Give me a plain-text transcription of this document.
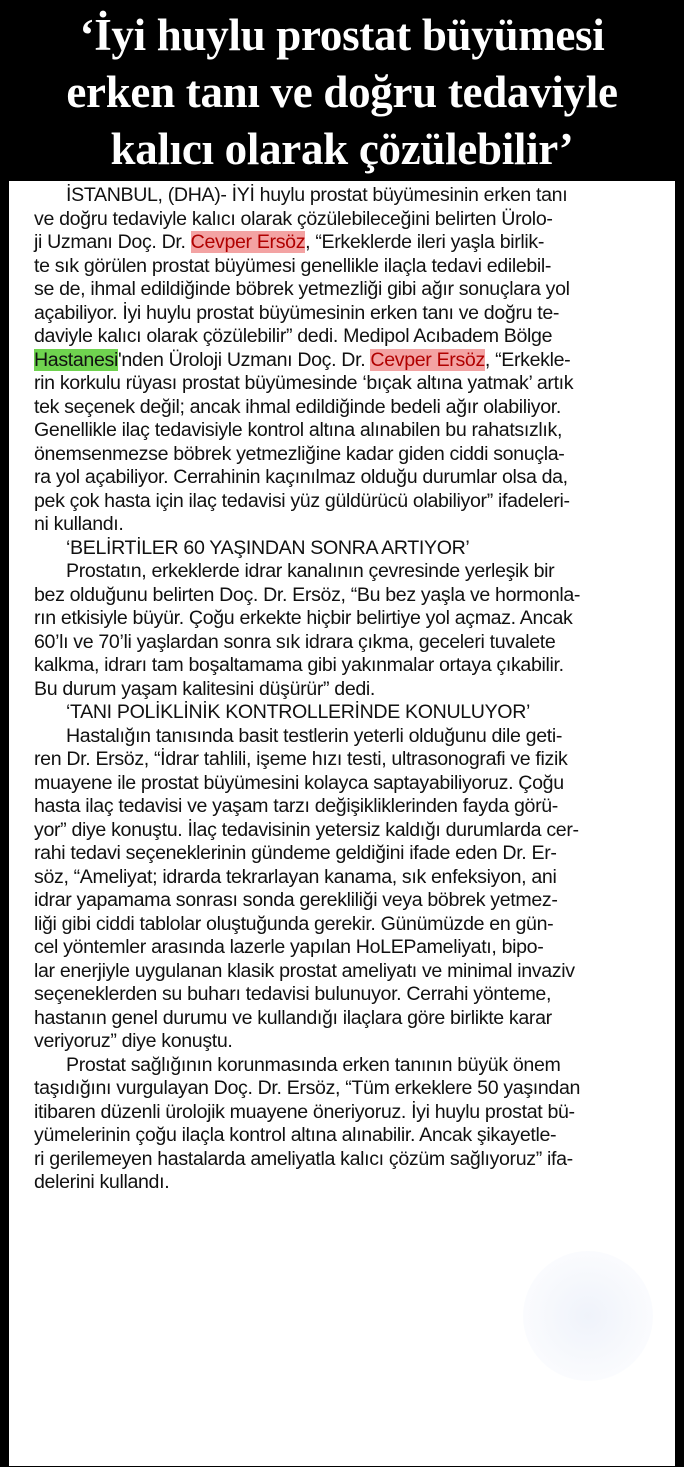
‘İyi huylu prostat büyümesi
erken tanı ve doğru tedaviyle
kalıcı olarak çözülebilir’
İSTANBUL, (DHA)- İYİ huylu prostat büyümesinin erken tanı
ve doğru tedaviyle kalıcı olarak çözülebileceğini belirten Ürolo-
ji Uzmanı Doç. Dr. Cevper Ersöz, “Erkeklerde ileri yaşla birlik-
te sık görülen prostat büyümesi genellikle ilaçla tedavi edilebil-
se de, ihmal edildiğinde böbrek yetmezliği gibi ağır sonuçlara yol
açabiliyor. İyi huylu prostat büyümesinin erken tanı ve doğru te-
daviyle kalıcı olarak çözülebilir” dedi. Medipol Acıbadem Bölge
Hastanesi'nden Üroloji Uzmanı Doç. Dr. Cevper Ersöz, “Erkekle-
rin korkulu rüyası prostat büyümesinde ‘bıçak altına yatmak’ artık
tek seçenek değil; ancak ihmal edildiğinde bedeli ağır olabiliyor.
Genellikle ilaç tedavisiyle kontrol altına alınabilen bu rahatsızlık,
önemsenmezse böbrek yetmezliğine kadar giden ciddi sonuçla-
ra yol açabiliyor. Cerrahinin kaçınılmaz olduğu durumlar olsa da,
pek çok hasta için ilaç tedavisi yüz güldürücü olabiliyor” ifadeleri-
ni kullandı.
‘BELİRTİLER 60 YAŞINDAN SONRA ARTIYOR’
Prostatın, erkeklerde idrar kanalının çevresinde yerleşik bir
bez olduğunu belirten Doç. Dr. Ersöz, “Bu bez yaşla ve hormonla-
rın etkisiyle büyür. Çoğu erkekte hiçbir belirtiye yol açmaz. Ancak
60’lı ve 70’li yaşlardan sonra sık idrara çıkma, geceleri tuvalete
kalkma, idrarı tam boşaltamama gibi yakınmalar ortaya çıkabilir.
Bu durum yaşam kalitesini düşürür” dedi.
‘TANI POLİKLİNİK KONTROLLERİNDE KONULUYOR’
Hastalığın tanısında basit testlerin yeterli olduğunu dile geti-
ren Dr. Ersöz, “İdrar tahlili, işeme hızı testi, ultrasonografi ve fizik
muayene ile prostat büyümesini kolayca saptayabiliyoruz. Çoğu
hasta ilaç tedavisi ve yaşam tarzı değişikliklerinden fayda görü-
yor” diye konuştu. İlaç tedavisinin yetersiz kaldığı durumlarda cer-
rahi tedavi seçeneklerinin gündeme geldiğini ifade eden Dr. Er-
söz, “Ameliyat; idrarda tekrarlayan kanama, sık enfeksiyon, ani
idrar yapamama sonrası sonda gerekliliği veya böbrek yetmez-
liği gibi ciddi tablolar oluştuğunda gerekir. Günümüzde en gün-
cel yöntemler arasında lazerle yapılan HoLEPameliyatı, bipo-
lar enerjiyle uygulanan klasik prostat ameliyatı ve minimal invaziv
seçeneklerden su buharı tedavisi bulunuyor. Cerrahi yönteme,
hastanın genel durumu ve kullandığı ilaçlara göre birlikte karar
veriyoruz” diye konuştu.
Prostat sağlığının korunmasında erken tanının büyük önem
taşıdığını vurgulayan Doç. Dr. Ersöz, “Tüm erkeklere 50 yaşından
itibaren düzenli ürolojik muayene öneriyoruz. İyi huylu prostat bü-
yümelerinin çoğu ilaçla kontrol altına alınabilir. Ancak şikayetle-
ri gerilemeyen hastalarda ameliyatla kalıcı çözüm sağlıyoruz” ifa-
delerini kullandı.
